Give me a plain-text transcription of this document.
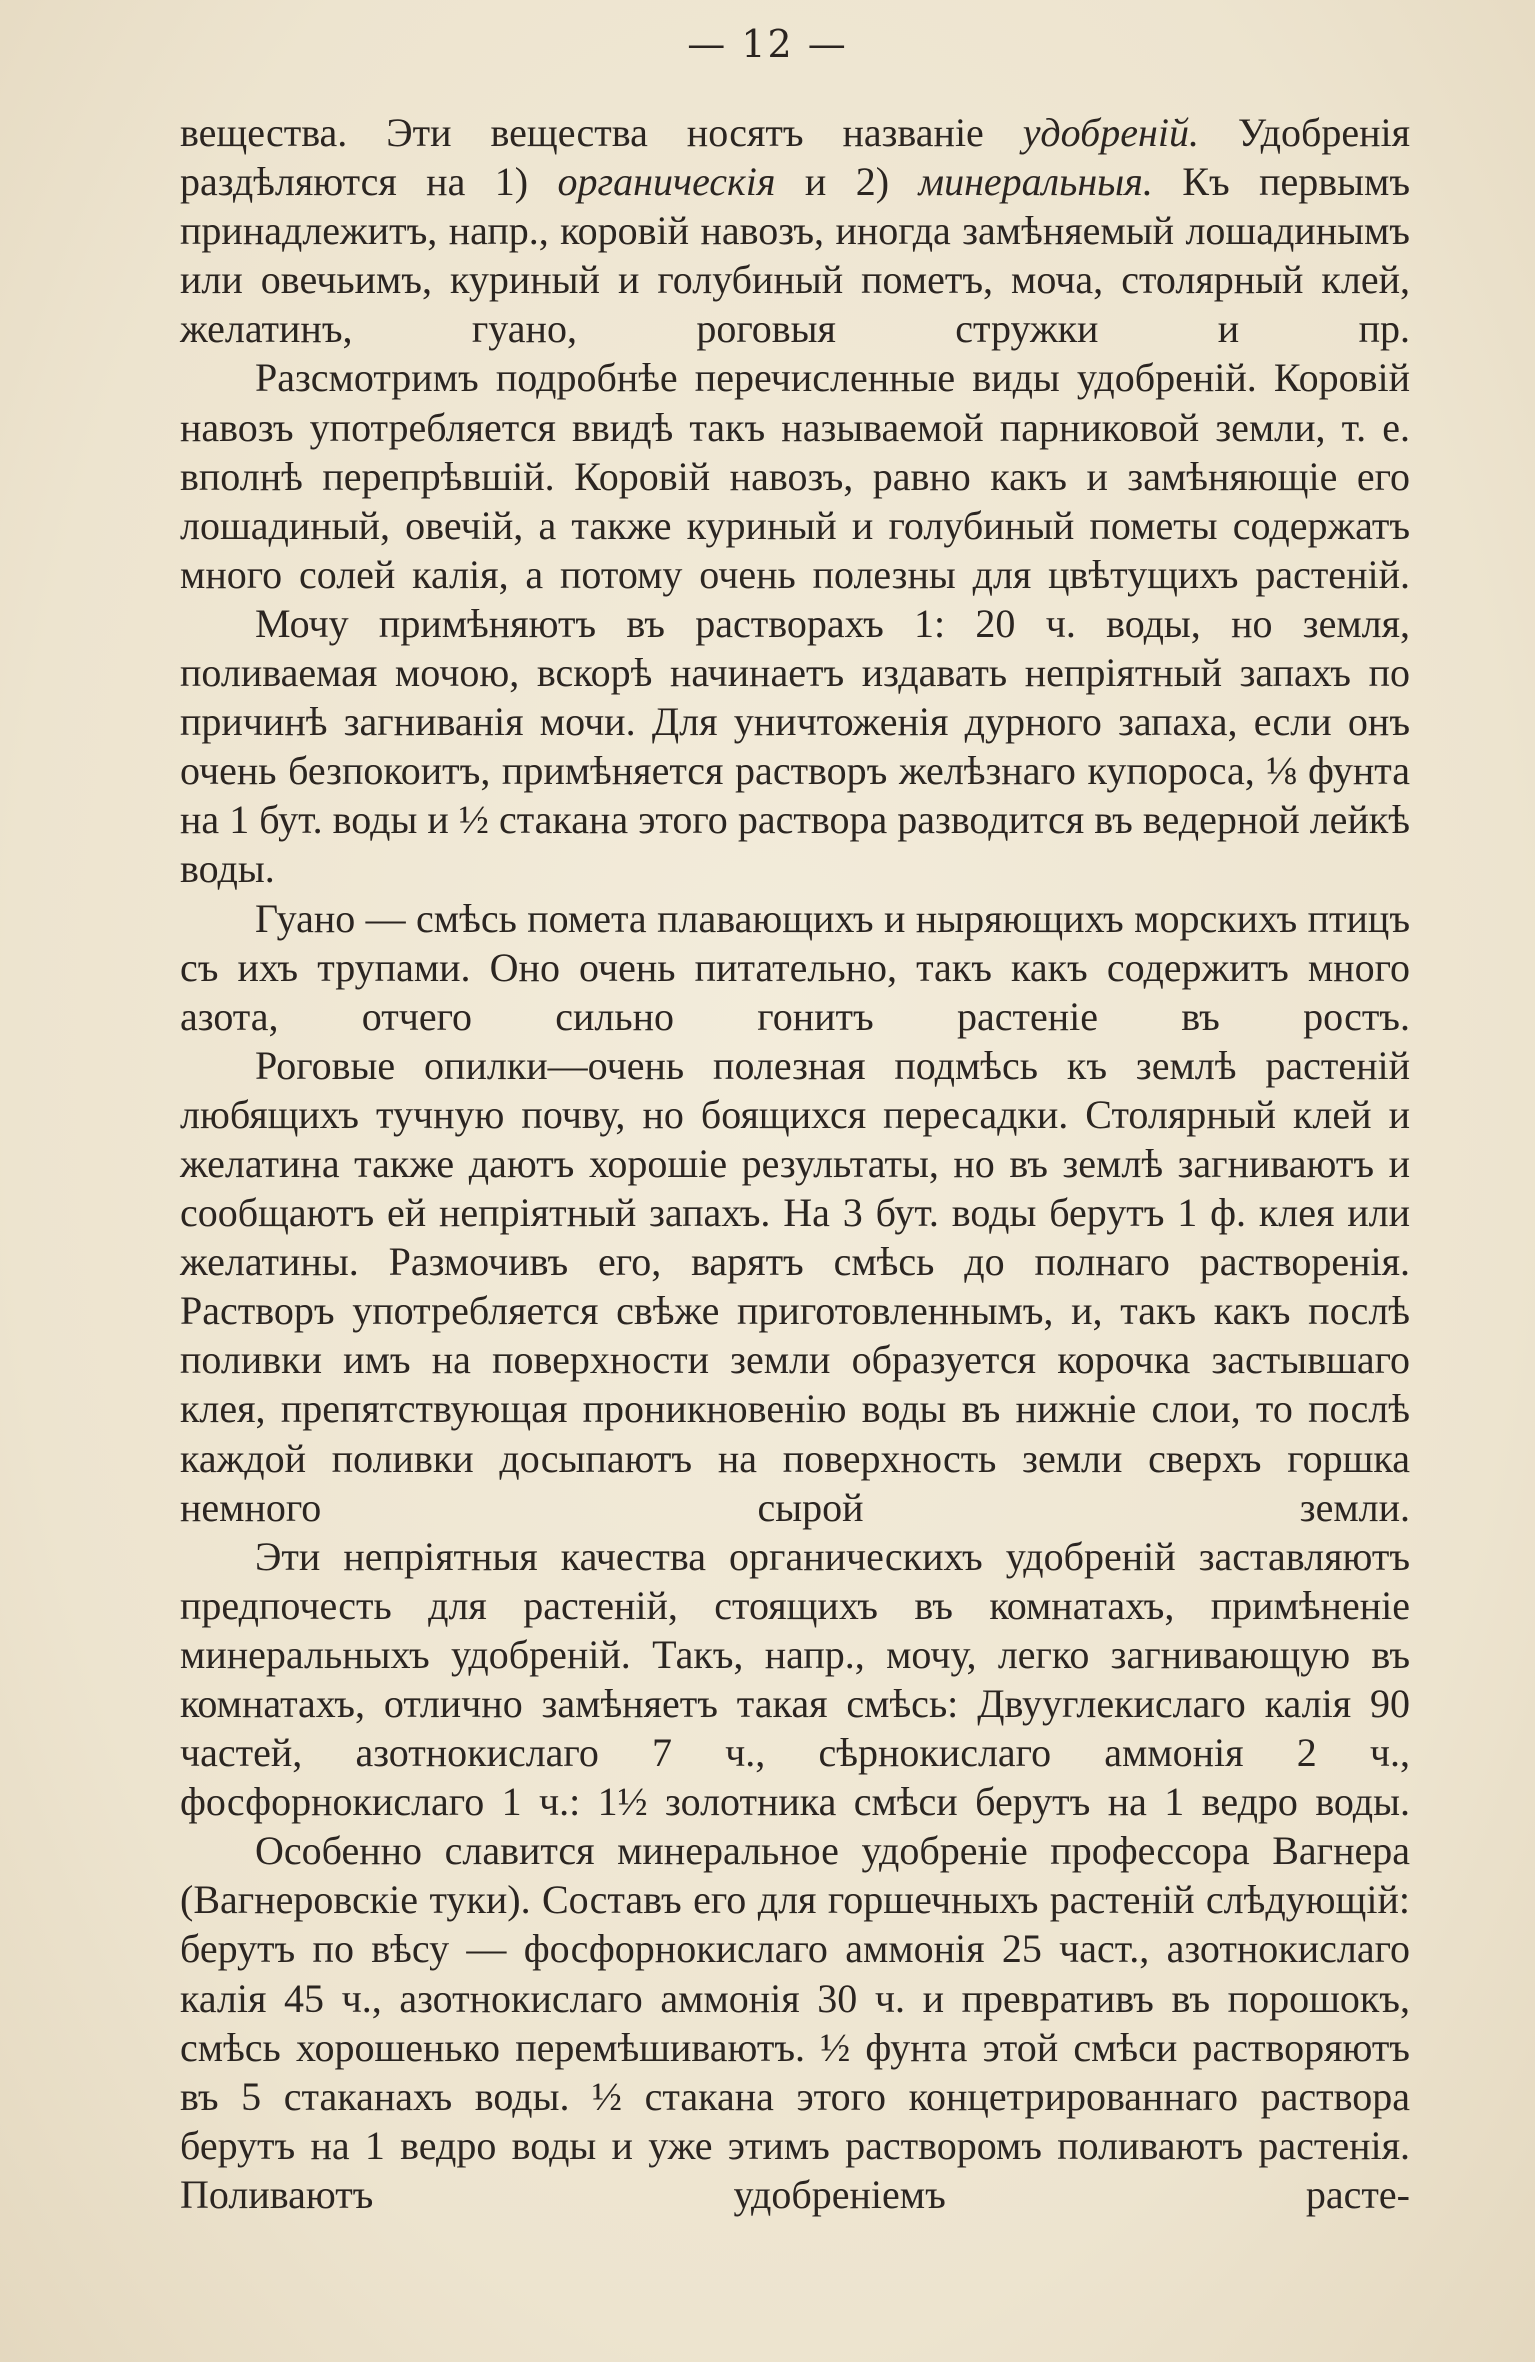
— 12 —

вещества. Эти вещества носятъ названіе удобреній. Удобренія раздѣляются на 1) органическія и 2) минеральныя. Къ первымъ принадлежитъ, напр., коровій навозъ, иногда замѣняемый лошадинымъ или овечьимъ, куриный и голубиный пометъ, моча, столярный клей, желатинъ, гуано, роговыя стружки и пр.

Разсмотримъ подробнѣе перечисленные виды удобреній. Коровій навозъ употребляется ввидѣ такъ называемой парниковой земли, т. е. вполнѣ перепрѣвшій. Коровій навозъ, равно какъ и замѣняющіе его лошадиный, овечій, а также куриный и голубиный пометы содержатъ много солей калія, а потому очень полезны для цвѣтущихъ растеній.

Мочу примѣняютъ въ растворахъ 1: 20 ч. воды, но земля, поливаемая мочою, вскорѣ начинаетъ издавать непріятный запахъ по причинѣ загниванія мочи. Для уничтоженія дурного запаха, если онъ очень безпокоитъ, примѣняется растворъ желѣзнаго купороса, ⅛ фунта на 1 бут. воды и ½ стакана этого раствора разводится въ ведерной лейкѣ воды.

Гуано — смѣсь помета плавающихъ и ныряющихъ морскихъ птицъ съ ихъ трупами. Оно очень питательно, такъ какъ содержитъ много азота, отчего сильно гонитъ растеніе въ ростъ.

Роговые опилки—очень полезная подмѣсь къ землѣ растеній любящихъ тучную почву, но боящихся пересадки. Столярный клей и желатина также даютъ хорошіе результаты, но въ землѣ загниваютъ и сообщаютъ ей непріятный запахъ. На 3 бут. воды берутъ 1 ф. клея или желатины. Размочивъ его, варятъ смѣсь до полнаго растворенія. Растворъ употребляется свѣже приготовленнымъ, и, такъ какъ послѣ поливки имъ на поверхности земли образуется корочка застывшаго клея, препятствующая проникновенію воды въ нижніе слои, то послѣ каждой поливки досыпаютъ на поверхность земли сверхъ горшка немного сырой земли.

Эти непріятныя качества органическихъ удобреній заставляютъ предпочесть для растеній, стоящихъ въ комнатахъ, примѣненіе минеральныхъ удобреній. Такъ, напр., мочу, легко загнивающую въ комнатахъ, отлично замѣняетъ такая смѣсь: Двууглекислаго калія 90 частей, азотнокислаго 7 ч., сѣрнокислаго аммонія 2 ч., фосфорнокислаго 1 ч.: 1½ золотника смѣси берутъ на 1 ведро воды.

Особенно славится минеральное удобреніе профессора Вагнера (Вагнеровскіе туки). Составъ его для горшечныхъ растеній слѣдующій: берутъ по вѣсу — фосфорнокислаго аммонія 25 част., азотнокислаго калія 45 ч., азотнокислаго аммонія 30 ч. и превративъ въ порошокъ, смѣсь хорошенько перемѣшиваютъ. ½ фунта этой смѣси растворяютъ въ 5 стаканахъ воды. ½ стакана этого концетрированнаго раствора берутъ на 1 ведро воды и уже этимъ растворомъ поливаютъ растенія. Поливаютъ удобреніемъ расте-
